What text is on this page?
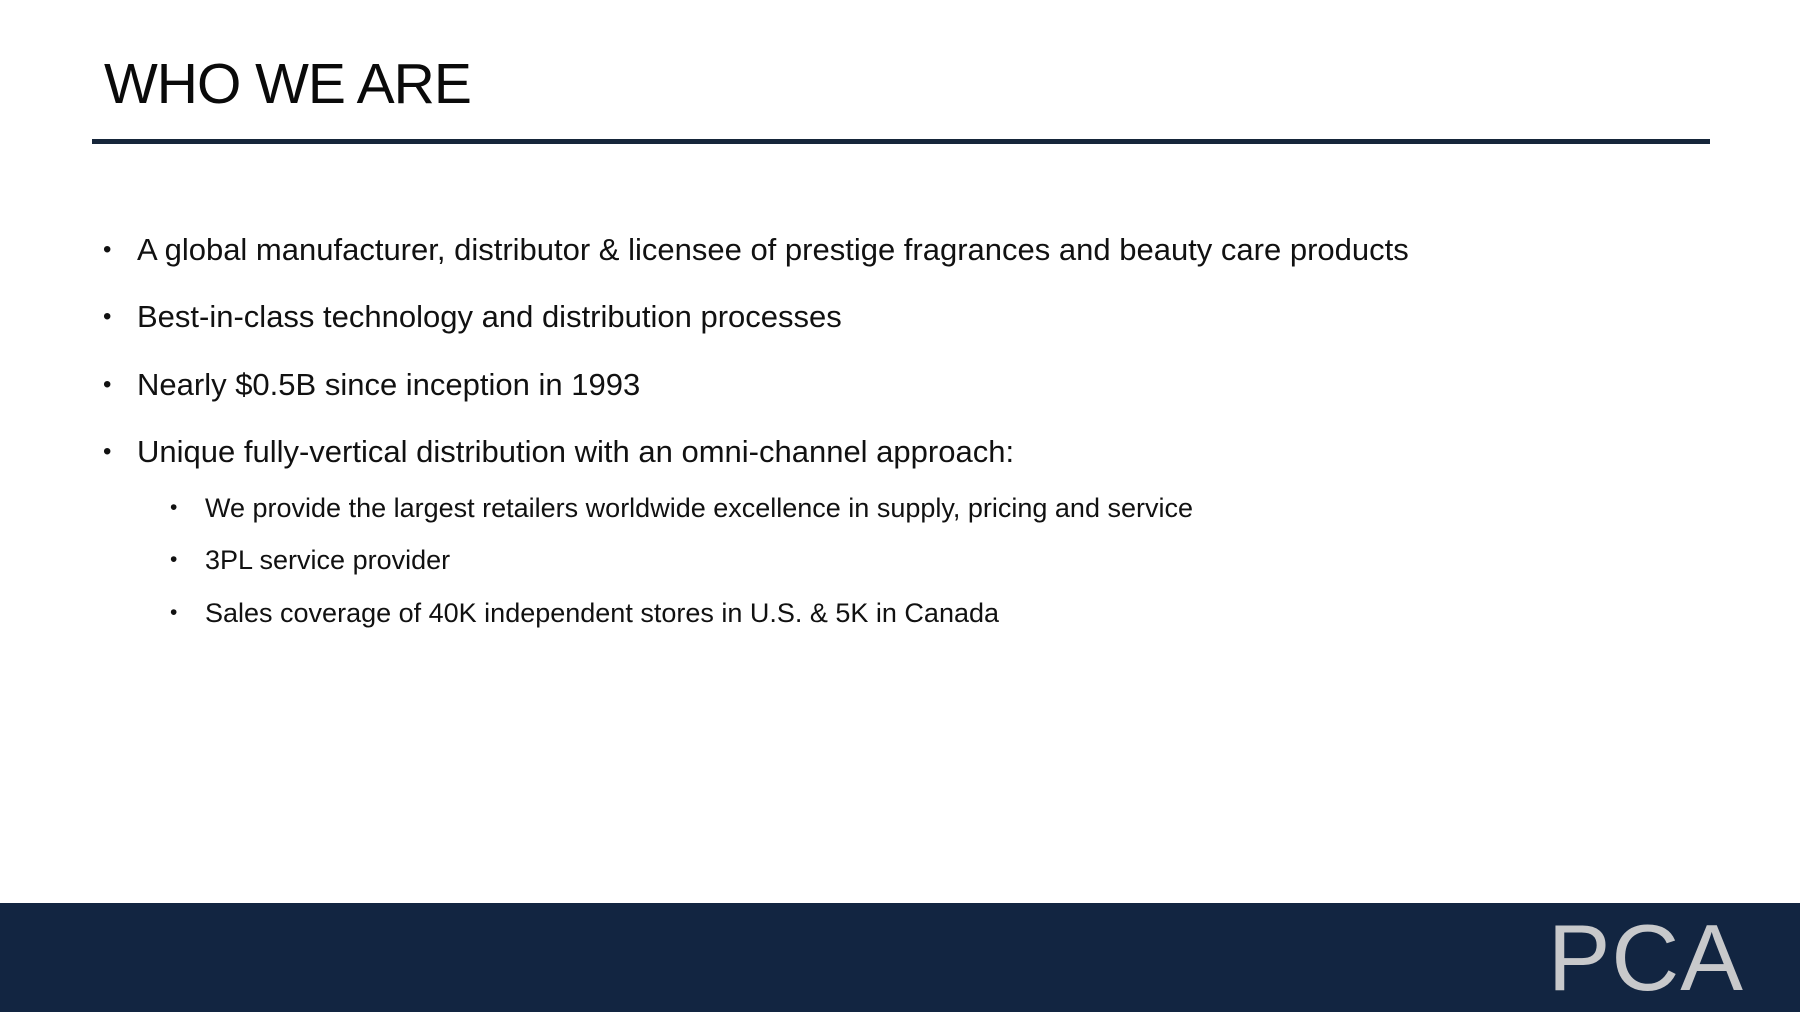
WHO WE ARE
• A global manufacturer, distributor & licensee of prestige fragrances and beauty care products
• Best-in-class technology and distribution processes
• Nearly $0.5B since inception in 1993
• Unique fully-vertical distribution with an omni-channel approach:
• We provide the largest retailers worldwide excellence in supply, pricing and service
• 3PL service provider
• Sales coverage of 40K independent stores in U.S. & 5K in Canada
PCA
